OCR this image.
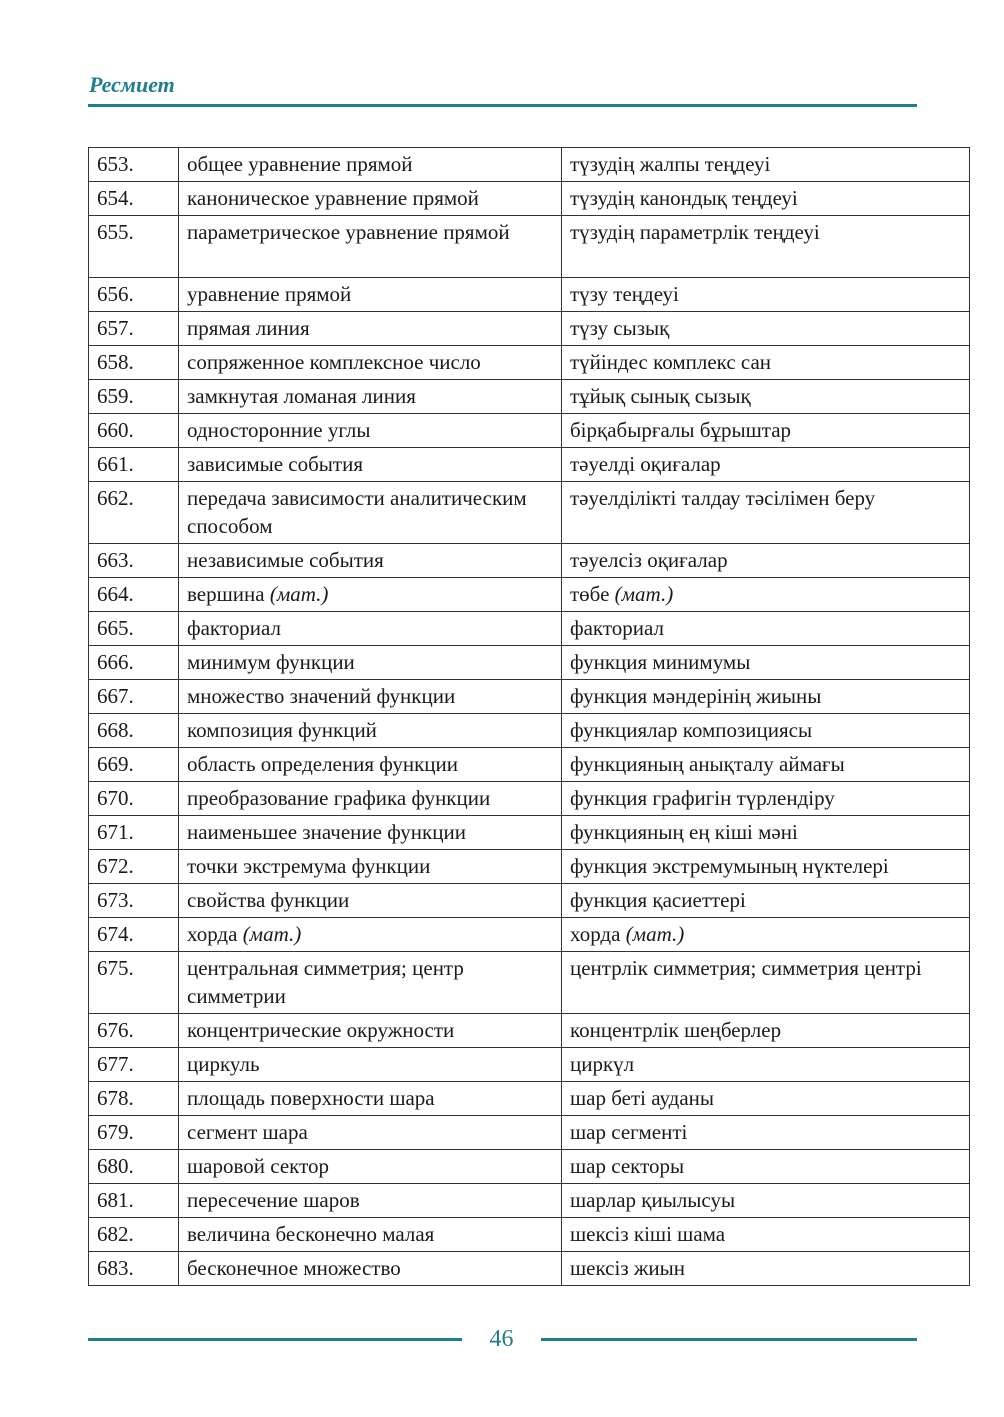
Ресмиет
653.	общее уравнение прямой	түзудің жалпы теңдеуі
654.	каноническое уравнение прямой	түзудің канондық теңдеуі
655.	параметрическое уравнение прямой	түзудің параметрлік теңдеуі
656.	уравнение прямой	түзу теңдеуі
657.	прямая линия	түзу сызық
658.	сопряженное комплексное число	түйіндес комплекс сан
659.	замкнутая ломаная линия	тұйық сынық сызық
660.	односторонние углы	бірқабырғалы бұрыштар
661.	зависимые события	тәуелді оқиғалар
662.	передача зависимости аналитическим способом	тәуелділікті талдау тәсілімен беру
663.	независимые события	тәуелсіз оқиғалар
664.	вершина (мат.)	төбе (мат.)
665.	факториал	факториал
666.	минимум функции	функция минимумы
667.	множество значений функции	функция мәндерінің жиыны
668.	композиция функций	функциялар композициясы
669.	область определения функции	функцияның анықталу аймағы
670.	преобразование графика функции	функция графигін түрлендіру
671.	наименьшее значение функции	функцияның ең кіші мәні
672.	точки экстремума функции	функция экстремумының нүктелері
673.	свойства функции	функция қасиеттері
674.	хорда (мат.)	хорда (мат.)
675.	центральная симметрия; центр симметрии	центрлік симметрия; симметрия центрі
676.	концентрические окружности	концентрлік шеңберлер
677.	циркуль	циркүл
678.	площадь поверхности шара	шар беті ауданы
679.	сегмент шара	шар сегменті
680.	шаровой сектор	шар секторы
681.	пересечение шаров	шарлар қиылысуы
682.	величина бесконечно малая	шексіз кіші шама
683.	бесконечное множество	шексіз жиын
46
